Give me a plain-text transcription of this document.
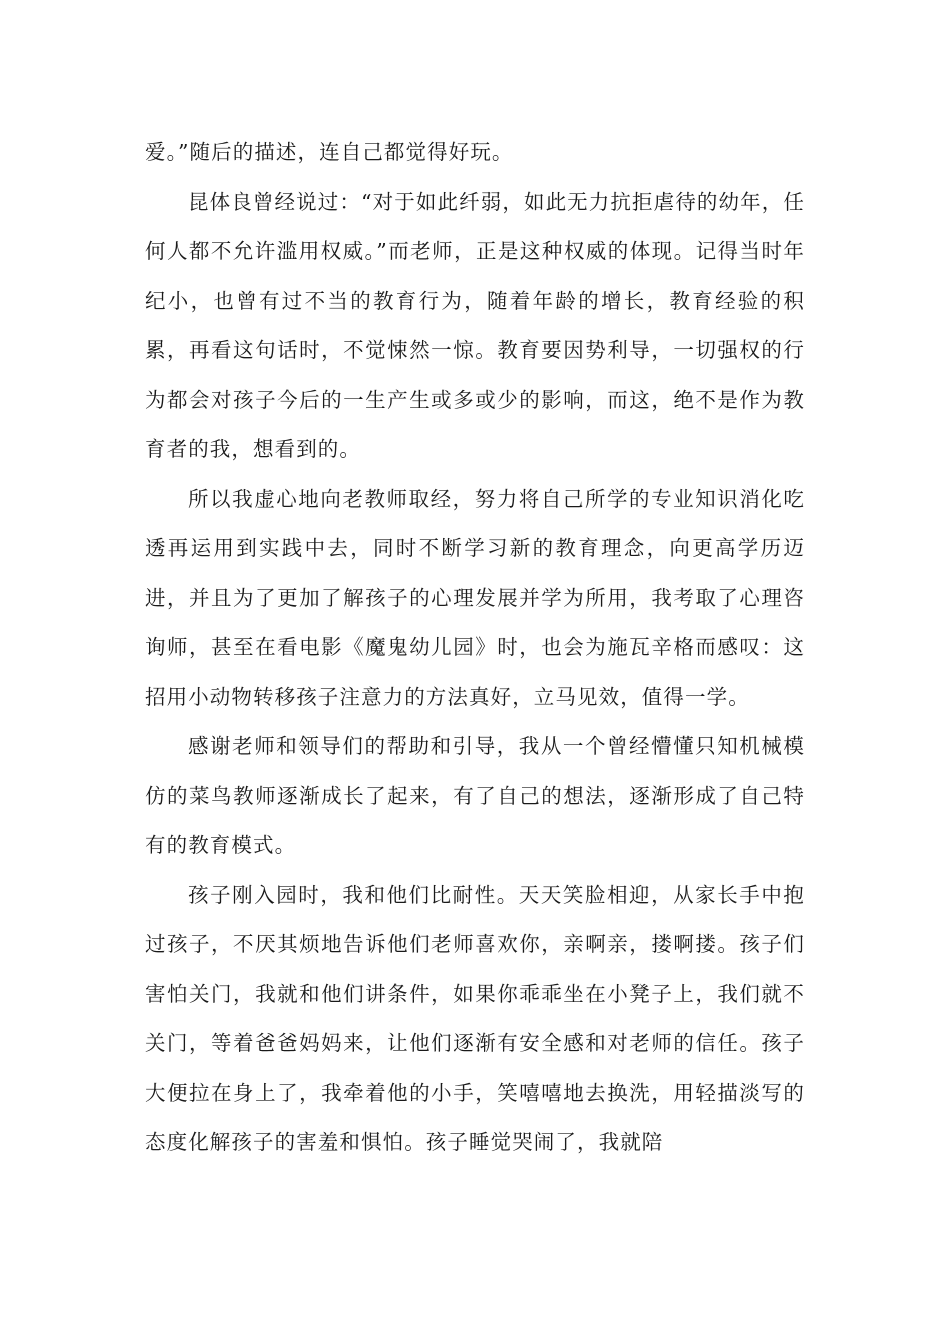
爱。”随后的描述，连自己都觉得好玩。

昆体良曾经说过：“对于如此纤弱，如此无力抗拒虐待的幼年，任何人都不允许滥用权威。”而老师，正是这种权威的体现。记得当时年纪小，也曾有过不当的教育行为，随着年龄的增长，教育经验的积累，再看这句话时，不觉悚然一惊。教育要因势利导，一切强权的行为都会对孩子今后的一生产生或多或少的影响，而这，绝不是作为教育者的我，想看到的。

所以我虚心地向老教师取经，努力将自己所学的专业知识消化吃透再运用到实践中去，同时不断学习新的教育理念，向更高学历迈进，并且为了更加了解孩子的心理发展并学为所用，我考取了心理咨询师，甚至在看电影《魔鬼幼儿园》时，也会为施瓦辛格而感叹：这招用小动物转移孩子注意力的方法真好，立马见效，值得一学。

感谢老师和领导们的帮助和引导，我从一个曾经懵懂只知机械模仿的菜鸟教师逐渐成长了起来，有了自己的想法，逐渐形成了自己特有的教育模式。

孩子刚入园时，我和他们比耐性。天天笑脸相迎，从家长手中抱过孩子，不厌其烦地告诉他们老师喜欢你，亲啊亲，搂啊搂。孩子们害怕关门，我就和他们讲条件，如果你乖乖坐在小凳子上，我们就不关门，等着爸爸妈妈来，让他们逐渐有安全感和对老师的信任。孩子大便拉在身上了，我牵着他的小手，笑嘻嘻地去换洗，用轻描淡写的态度化解孩子的害羞和惧怕。孩子睡觉哭闹了，我就陪
